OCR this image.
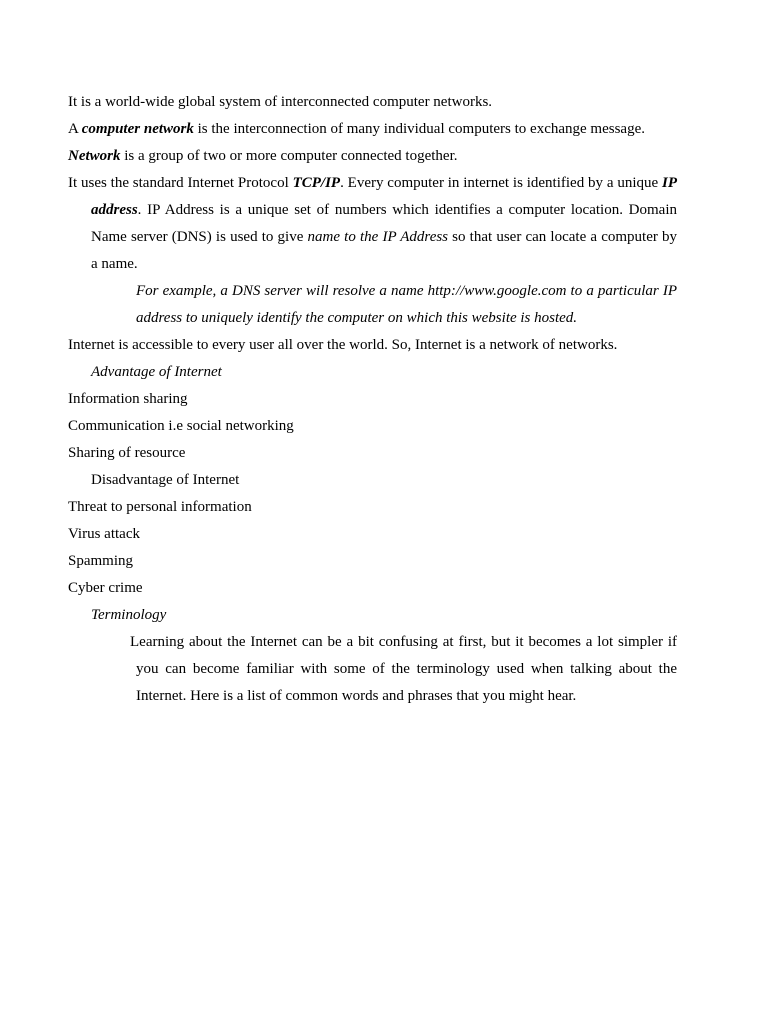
It is a world-wide global system of interconnected computer networks.

A computer network is the interconnection of many individual computers to exchange message.

Network is a group of two or more computer connected together.

It uses the standard Internet Protocol TCP/IP. Every computer in internet is identified by a unique IP address. IP Address is a unique set of numbers which identifies a computer location. Domain Name server (DNS) is used to give name to the IP Address so that user can locate a computer by a name.

For example, a DNS server will resolve a name http://www.google.com to a particular IP address to uniquely identify the computer on which this website is hosted.

Internet is accessible to every user all over the world. So, Internet is a network of networks.

Advantage of Internet

Information sharing

Communication i.e social networking

Sharing of resource

Disadvantage of Internet

Threat to personal information

Virus attack

Spamming

Cyber crime

Terminology

Learning about the Internet can be a bit confusing at first, but it becomes a lot simpler if you can become familiar with some of the terminology used when talking about the Internet. Here is a list of common words and phrases that you might hear.
